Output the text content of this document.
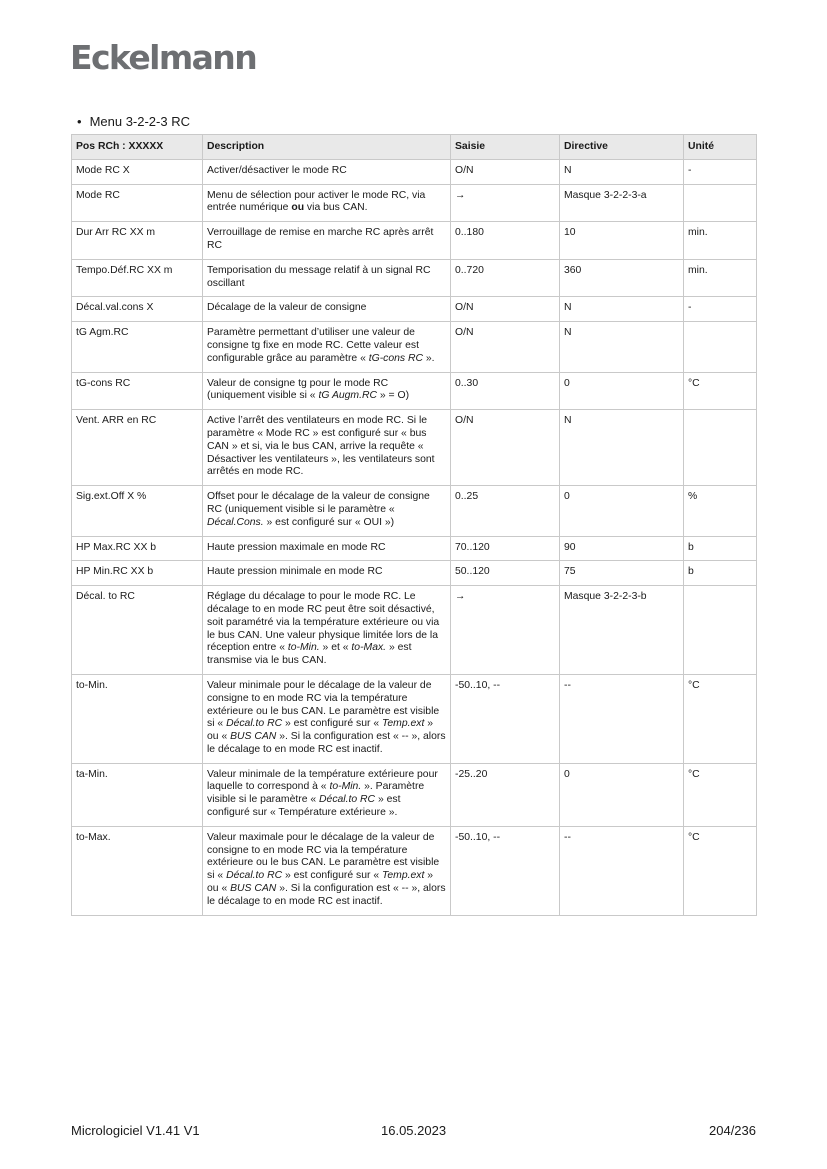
Eckelmann
• Menu 3-2-2-3 RC
Pos RCh : XXXXX	Description	Saisie	Directive	Unité
Mode RC X	Activer/désactiver le mode RC	O/N	N	-
Mode RC	Menu de sélection pour activer le mode RC, via entrée numérique ou via bus CAN.	→	Masque 3-2-2-3-a	
Dur Arr RC XX m	Verrouillage de remise en marche RC après arrêt RC	0..180	10	min.
Tempo.Déf.RC XX m	Temporisation du message relatif à un signal RC oscillant	0..720	360	min.
Décal.val.cons X	Décalage de la valeur de consigne	O/N	N	-
tG Agm.RC	Paramètre permettant d’utiliser une valeur de consigne tg fixe en mode RC. Cette valeur est configurable grâce au paramètre « tG-cons RC ».	O/N	N	
tG-cons RC	Valeur de consigne tg pour le mode RC (uniquement visible si « tG Augm.RC » = O)	0..30	0	°C
Vent. ARR en RC	Active l’arrêt des ventilateurs en mode RC. Si le paramètre « Mode RC » est configuré sur « bus CAN » et si, via le bus CAN, arrive la requête « Désactiver les ventilateurs », les ventilateurs sont arrêtés en mode RC.	O/N	N	
Sig.ext.Off X %	Offset pour le décalage de la valeur de consigne RC (uniquement visible si le paramètre « Décal.Cons. » est configuré sur « OUI »)	0..25	0	%
HP Max.RC XX b	Haute pression maximale en mode RC	70..120	90	b
HP Min.RC XX b	Haute pression minimale en mode RC	50..120	75	b
Décal. to RC	Réglage du décalage to pour le mode RC. Le décalage to en mode RC peut être soit désactivé, soit paramétré via la température extérieure ou via le bus CAN. Une valeur physique limitée lors de la réception entre « to-Min. » et « to-Max. » est transmise via le bus CAN.	→	Masque 3-2-2-3-b	
to-Min.	Valeur minimale pour le décalage de la valeur de consigne to en mode RC via la température extérieure ou le bus CAN. Le paramètre est visible si « Décal.to RC » est configuré sur « Temp.ext » ou « BUS CAN ». Si la configuration est « -- », alors le décalage to en mode RC est inactif.	-50..10, --	--	°C
ta-Min.	Valeur minimale de la température extérieure pour laquelle to correspond à « to-Min. ». Paramètre visible si le paramètre « Décal.to RC » est configuré sur « Température extérieure ».	-25..20	0	°C
to-Max.	Valeur maximale pour le décalage de la valeur de consigne to en mode RC via la température extérieure ou le bus CAN. Le paramètre est visible si « Décal.to RC » est configuré sur « Temp.ext » ou « BUS CAN ». Si la configuration est « -- », alors le décalage to en mode RC est inactif.	-50..10, --	--	°C
Micrologiciel V1.41 V1	16.05.2023	204/236
